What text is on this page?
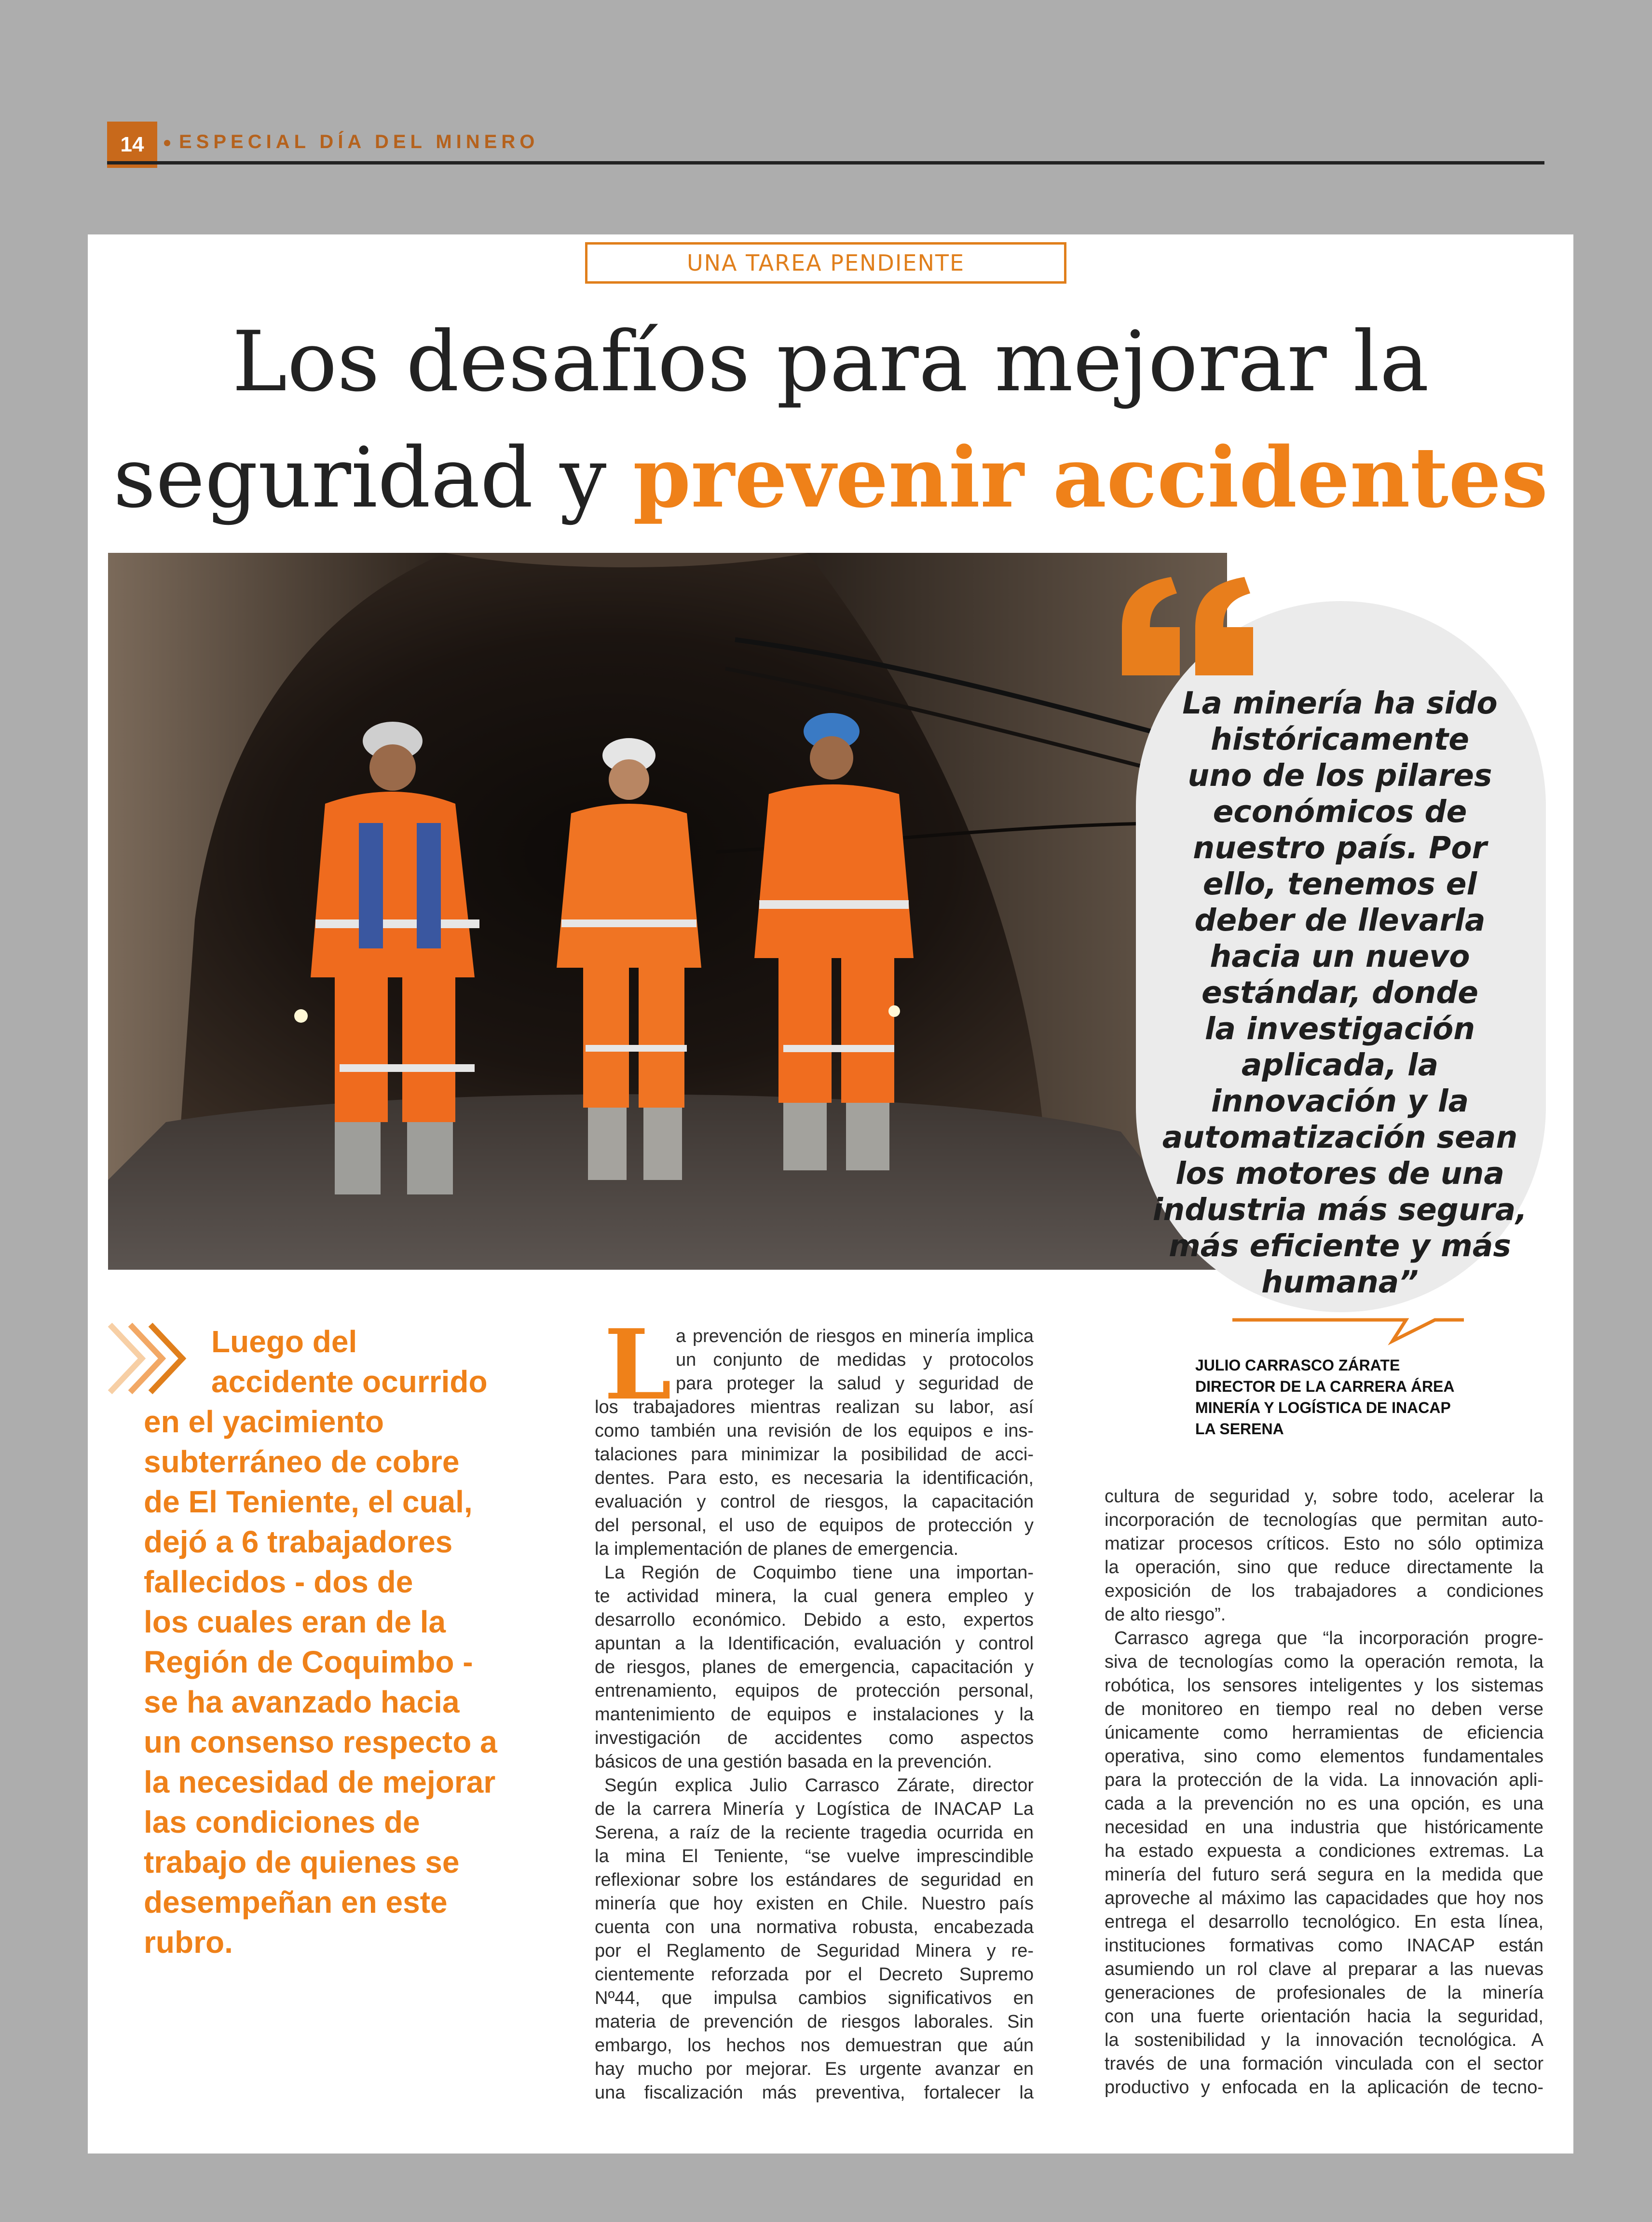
14	ESPECIAL DÍA DEL MINERO
UNA TAREA PENDIENTE
Los desafíos para mejorar la
seguridad y prevenir accidentes
La minería ha sido
históricamente
uno de los pilares
económicos de
nuestro país. Por
ello, tenemos el
deber de llevarla
hacia un nuevo
estándar, donde
la investigación
aplicada, la
innovación y la
automatización sean
los motores de una
industria más segura,
más eficiente y más
humana”
JULIO CARRASCO ZÁRATE
DIRECTOR DE LA CARRERA ÁREA
MINERÍA Y LOGÍSTICA DE INACAP
LA SERENA
Luego del
accidente ocurrido
en el yacimiento
subterráneo de cobre
de El Teniente, el cual,
dejó a 6 trabajadores
fallecidos - dos de
los cuales eran de la
Región de Coquimbo -
se ha avanzado hacia
un consenso respecto a
la necesidad de mejorar
las condiciones de
trabajo de quienes se
desempeñan en este
rubro.
L a prevención de riesgos en minería implica
un conjunto de medidas y protocolos
para proteger la salud y seguridad de
los trabajadores mientras realizan su labor, así
como también una revisión de los equipos e ins-
talaciones para minimizar la posibilidad de acci-
dentes. Para esto, es necesaria la identificación,
evaluación y control de riesgos, la capacitación
del personal, el uso de equipos de protección y
la implementación de planes de emergencia.
La Región de Coquimbo tiene una importan-
te actividad minera, la cual genera empleo y
desarrollo económico. Debido a esto, expertos
apuntan a la Identificación, evaluación y control
de riesgos, planes de emergencia, capacitación y
entrenamiento, equipos de protección personal,
mantenimiento de equipos e instalaciones y la
investigación de accidentes como aspectos
básicos de una gestión basada en la prevención.
Según explica Julio Carrasco Zárate, director
de la carrera Minería y Logística de INACAP La
Serena, a raíz de la reciente tragedia ocurrida en
la mina El Teniente, “se vuelve imprescindible
reflexionar sobre los estándares de seguridad en
minería que hoy existen en Chile. Nuestro país
cuenta con una normativa robusta, encabezada
por el Reglamento de Seguridad Minera y re-
cientemente reforzada por el Decreto Supremo
Nº44, que impulsa cambios significativos en
materia de prevención de riesgos laborales. Sin
embargo, los hechos nos demuestran que aún
hay mucho por mejorar. Es urgente avanzar en
una fiscalización más preventiva, fortalecer la
cultura de seguridad y, sobre todo, acelerar la
incorporación de tecnologías que permitan auto-
matizar procesos críticos. Esto no sólo optimiza
la operación, sino que reduce directamente la
exposición de los trabajadores a condiciones
de alto riesgo”.
Carrasco agrega que “la incorporación progre-
siva de tecnologías como la operación remota, la
robótica, los sensores inteligentes y los sistemas
de monitoreo en tiempo real no deben verse
únicamente como herramientas de eficiencia
operativa, sino como elementos fundamentales
para la protección de la vida. La innovación apli-
cada a la prevención no es una opción, es una
necesidad en una industria que históricamente
ha estado expuesta a condiciones extremas. La
minería del futuro será segura en la medida que
aproveche al máximo las capacidades que hoy nos
entrega el desarrollo tecnológico. En esta línea,
instituciones formativas como INACAP están
asumiendo un rol clave al preparar a las nuevas
generaciones de profesionales de la minería
con una fuerte orientación hacia la seguridad,
la sostenibilidad y la innovación tecnológica. A
través de una formación vinculada con el sector
productivo y enfocada en la aplicación de tecno-
